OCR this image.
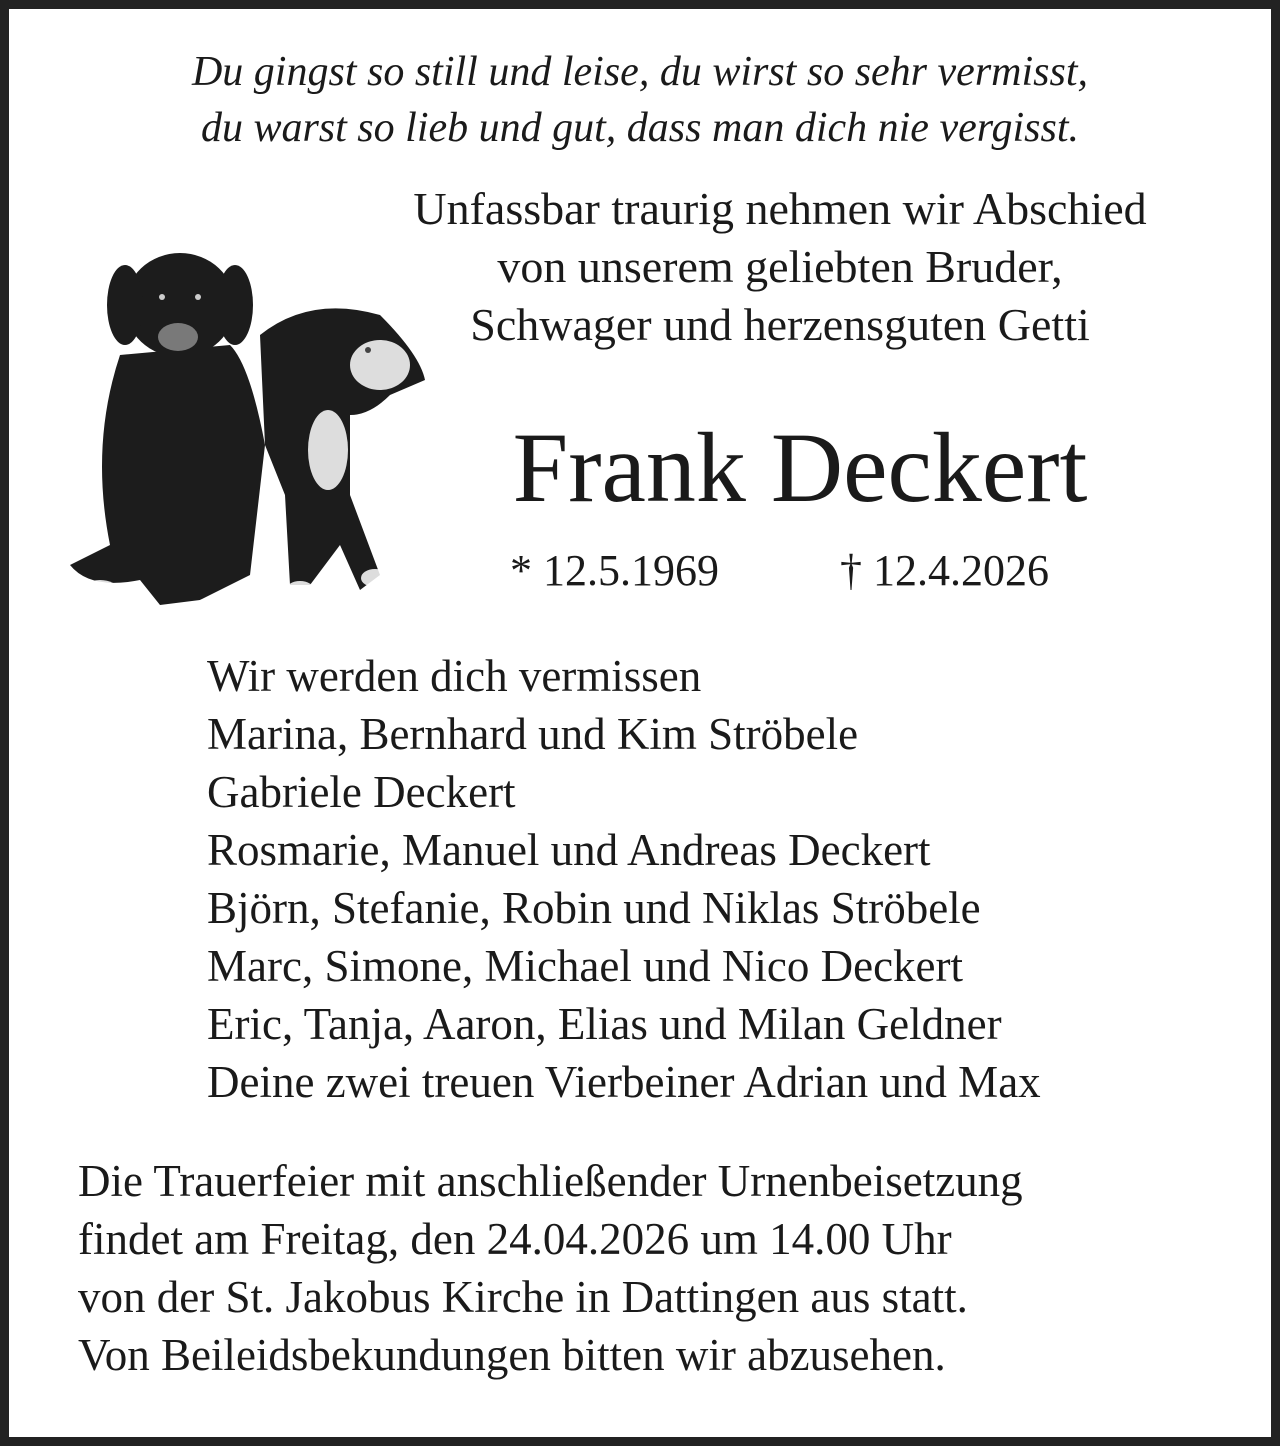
Du gingst so still und leise, du wirst so sehr vermisst,
du warst so lieb und gut, dass man dich nie vergisst.
Unfassbar traurig nehmen wir Abschied
von unserem geliebten Bruder,
Schwager und herzensguten Getti
Frank Deckert
* 12.5.1969	† 12.4.2026
Wir werden dich vermissen
Marina, Bernhard und Kim Ströbele
Gabriele Deckert
Rosmarie, Manuel und Andreas Deckert
Björn, Stefanie, Robin und Niklas Ströbele
Marc, Simone, Michael und Nico Deckert
Eric, Tanja, Aaron, Elias und Milan Geldner
Deine zwei treuen Vierbeiner Adrian und Max
Die Trauerfeier mit anschließender Urnenbeisetzung
findet am Freitag, den 24.04.2026 um 14.00 Uhr
von der St. Jakobus Kirche in Dattingen aus statt.
Von Beileidsbekundungen bitten wir abzusehen.
